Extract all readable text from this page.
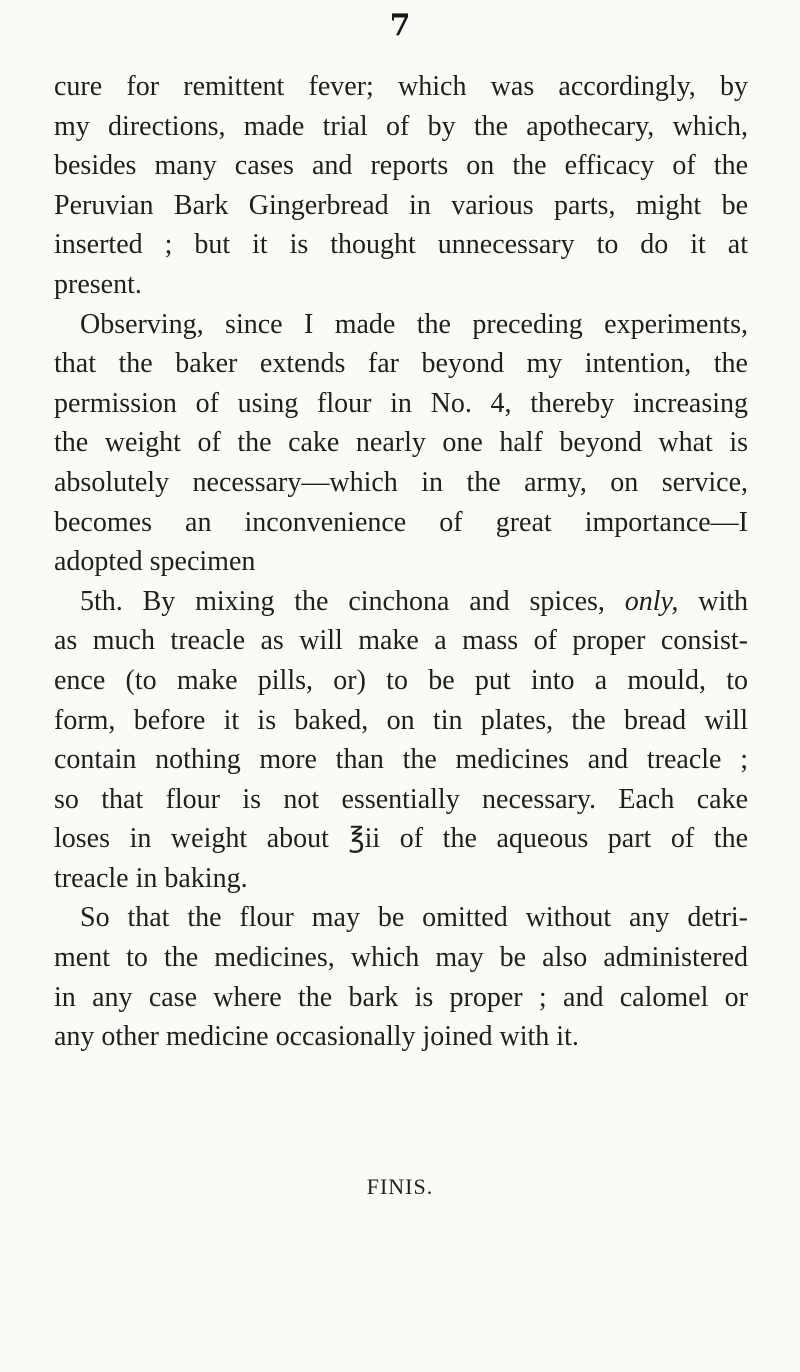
7
cure for remittent fever; which was accordingly, by
my directions, made trial of by the apothecary, which,
besides many cases and reports on the efficacy of the
Peruvian Bark Gingerbread in various parts, might be
inserted ; but it is thought unnecessary to do it at
present.
Observing, since I made the preceding experiments,
that the baker extends far beyond my intention, the
permission of using flour in No. 4, thereby increasing
the weight of the cake nearly one half beyond what is
absolutely necessary—which in the army, on service,
becomes an inconvenience of great importance—I
adopted specimen
5th. By mixing the cinchona and spices, only, with
as much treacle as will make a mass of proper consist-
ence (to make pills, or) to be put into a mould, to
form, before it is baked, on tin plates, the bread will
contain nothing more than the medicines and treacle ;
so that flour is not essentially necessary. Each cake
loses in weight about ℥ii of the aqueous part of the
treacle in baking.
So that the flour may be omitted without any detri-
ment to the medicines, which may be also administered
in any case where the bark is proper ; and calomel or
any other medicine occasionally joined with it.
FINIS.
